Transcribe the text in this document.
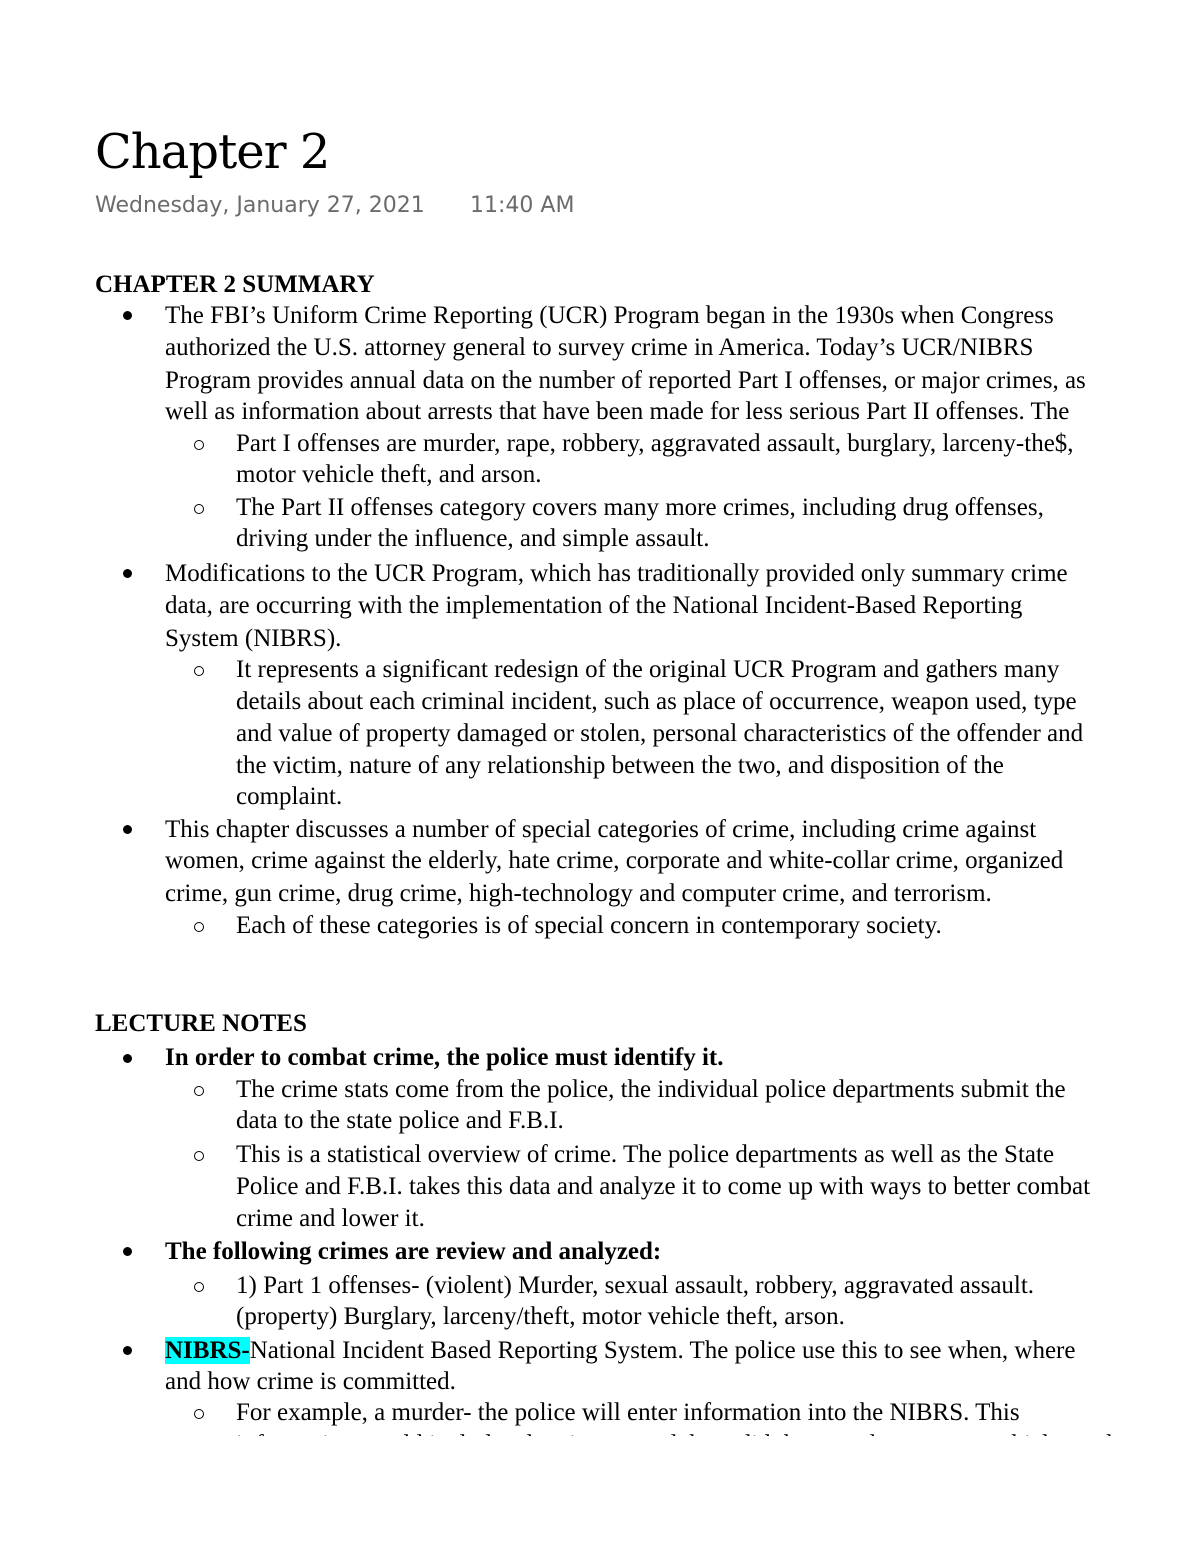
Chapter 2
Wednesday, January 27, 2021 11:40 AM
CHAPTER 2 SUMMARY
The FBI’s Uniform Crime Reporting (UCR) Program began in the 1930s when Congress
authorized the U.S. attorney general to survey crime in America. Today’s UCR/NIBRS
Program provides annual data on the number of reported Part I offenses, or major crimes, as
well as information about arrests that have been made for less serious Part II offenses. The
Part I offenses are murder, rape, robbery, aggravated assault, burglary, larceny-the$,
motor vehicle theft, and arson.
The Part II offenses category covers many more crimes, including drug offenses,
driving under the influence, and simple assault.
Modifications to the UCR Program, which has traditionally provided only summary crime
data, are occurring with the implementation of the National Incident-Based Reporting
System (NIBRS).
It represents a significant redesign of the original UCR Program and gathers many
details about each criminal incident, such as place of occurrence, weapon used, type
and value of property damaged or stolen, personal characteristics of the offender and
the victim, nature of any relationship between the two, and disposition of the
complaint.
This chapter discusses a number of special categories of crime, including crime against
women, crime against the elderly, hate crime, corporate and white-collar crime, organized
crime, gun crime, drug crime, high-technology and computer crime, and terrorism.
Each of these categories is of special concern in contemporary society.
LECTURE NOTES
In order to combat crime, the police must identify it.
The crime stats come from the police, the individual police departments submit the
data to the state police and F.B.I.
This is a statistical overview of crime. The police departments as well as the State
Police and F.B.I. takes this data and analyze it to come up with ways to better combat
crime and lower it.
The following crimes are review and analyzed:
1) Part 1 offenses- (violent) Murder, sexual assault, robbery, aggravated assault.
(property) Burglary, larceny/theft, motor vehicle theft, arson.
NIBRS-National Incident Based Reporting System. The police use this to see when, where
and how crime is committed.
For example, a murder- the police will enter information into the NIBRS. This
